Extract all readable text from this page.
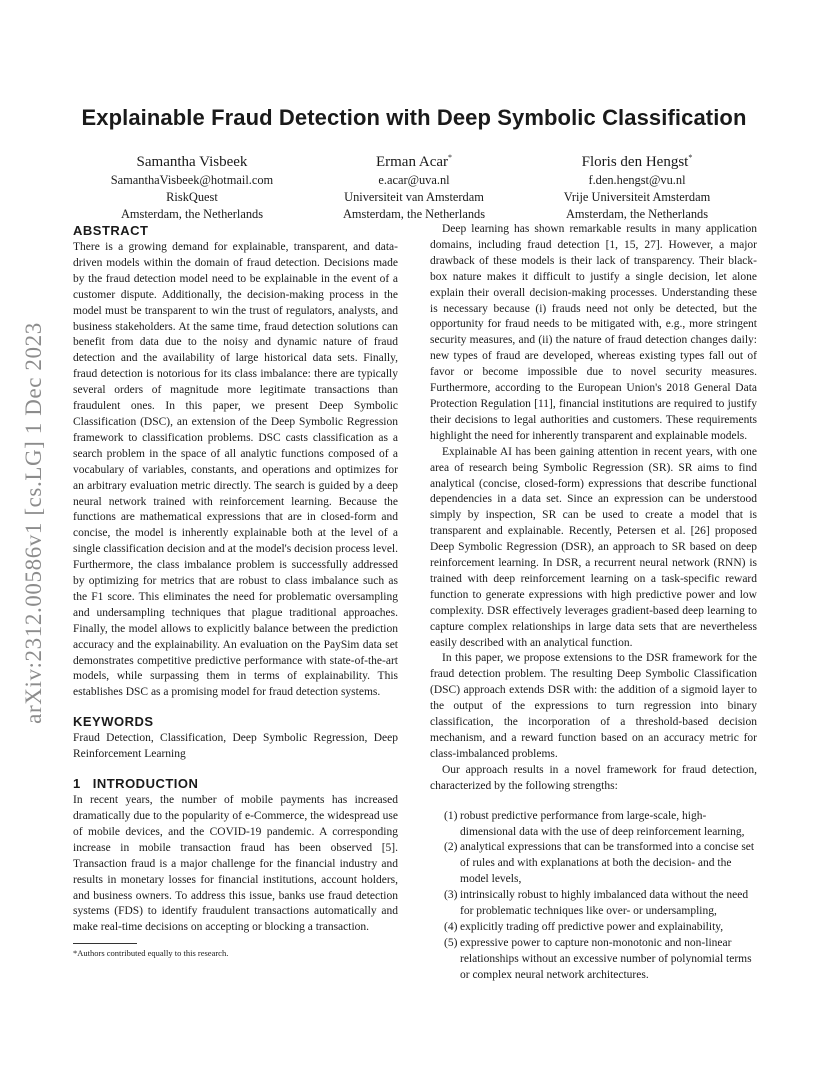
arXiv:2312.00586v1 [cs.LG] 1 Dec 2023
Explainable Fraud Detection with Deep Symbolic Classification
Samantha Visbeek
SamanthaVisbeek@hotmail.com
RiskQuest
Amsterdam, the Netherlands
Erman Acar*
e.acar@uva.nl
Universiteit van Amsterdam
Amsterdam, the Netherlands
Floris den Hengst*
f.den.hengst@vu.nl
Vrije Universiteit Amsterdam
Amsterdam, the Netherlands
ABSTRACT

There is a growing demand for explainable, transparent, and data-driven models within the domain of fraud detection. Decisions made by the fraud detection model need to be explainable in the event of a customer dispute. Additionally, the decision-making process in the model must be transparent to win the trust of regulators, analysts, and business stakeholders. At the same time, fraud detection solutions can benefit from data due to the noisy and dynamic nature of fraud detection and the availability of large historical data sets. Finally, fraud detection is notorious for its class imbalance: there are typically several orders of magnitude more legitimate transactions than fraudulent ones. In this paper, we present Deep Symbolic Classification (DSC), an extension of the Deep Symbolic Regression framework to classification problems. DSC casts classification as a search problem in the space of all analytic functions composed of a vocabulary of variables, constants, and operations and optimizes for an arbitrary evaluation metric directly. The search is guided by a deep neural network trained with reinforcement learning. Because the functions are mathematical expressions that are in closed-form and concise, the model is inherently explainable both at the level of a single classification decision and at the model's decision process level. Furthermore, the class imbalance problem is successfully addressed by optimizing for metrics that are robust to class imbalance such as the F1 score. This eliminates the need for problematic oversampling and undersampling techniques that plague traditional approaches. Finally, the model allows to explicitly balance between the prediction accuracy and the explainability. An evaluation on the PaySim data set demonstrates competitive predictive performance with state-of-the-art models, while surpassing them in terms of explainability. This establishes DSC as a promising model for fraud detection systems.

KEYWORDS

Fraud Detection, Classification, Deep Symbolic Regression, Deep Reinforcement Learning

1 INTRODUCTION

In recent years, the number of mobile payments has increased dramatically due to the popularity of e-Commerce, the widespread use of mobile devices, and the COVID-19 pandemic. A corresponding increase in mobile transaction fraud has been observed [5]. Transaction fraud is a major challenge for the financial industry and results in monetary losses for financial institutions, account holders, and business owners. To address this issue, banks use fraud detection systems (FDS) to identify fraudulent transactions automatically and make real-time decisions on accepting or blocking a transaction.

Deep learning has shown remarkable results in many application domains, including fraud detection [1, 15, 27]. However, a major drawback of these models is their lack of transparency. Their black-box nature makes it difficult to justify a single decision, let alone explain their overall decision-making processes. Understanding these is necessary because (i) frauds need not only be detected, but the opportunity for fraud needs to be mitigated with, e.g., more stringent security measures, and (ii) the nature of fraud detection changes daily: new types of fraud are developed, whereas existing types fall out of favor or become impossible due to novel security measures. Furthermore, according to the European Union's 2018 General Data Protection Regulation [11], financial institutions are required to justify their decisions to legal authorities and customers. These requirements highlight the need for inherently transparent and explainable models.

Explainable AI has been gaining attention in recent years, with one area of research being Symbolic Regression (SR). SR aims to find analytical (concise, closed-form) expressions that describe functional dependencies in a data set. Since an expression can be understood simply by inspection, SR can be used to create a model that is transparent and explainable. Recently, Petersen et al. [26] proposed Deep Symbolic Regression (DSR), an approach to SR based on deep reinforcement learning. In DSR, a recurrent neural network (RNN) is trained with deep reinforcement learning on a task-specific reward function to generate expressions with high predictive power and low complexity. DSR effectively leverages gradient-based deep learning to capture complex relationships in large data sets that are nevertheless easily described with an analytical function.

In this paper, we propose extensions to the DSR framework for the fraud detection problem. The resulting Deep Symbolic Classification (DSC) approach extends DSR with: the addition of a sigmoid layer to the output of the expressions to turn regression into binary classification, the incorporation of a threshold-based decision mechanism, and a reward function based on an accuracy metric for class-imbalanced problems.

Our approach results in a novel framework for fraud detection, characterized by the following strengths:

(1) robust predictive performance from large-scale, high-dimensional data with the use of deep reinforcement learning,
(2) analytical expressions that can be transformed into a concise set of rules and with explanations at both the decision- and the model levels,
(3) intrinsically robust to highly imbalanced data without the need for problematic techniques like over- or undersampling,
(4) explicitly trading off predictive power and explainability,
(5) expressive power to capture non-monotonic and non-linear relationships without an excessive number of polynomial terms or complex neural network architectures.
*Authors contributed equally to this research.
